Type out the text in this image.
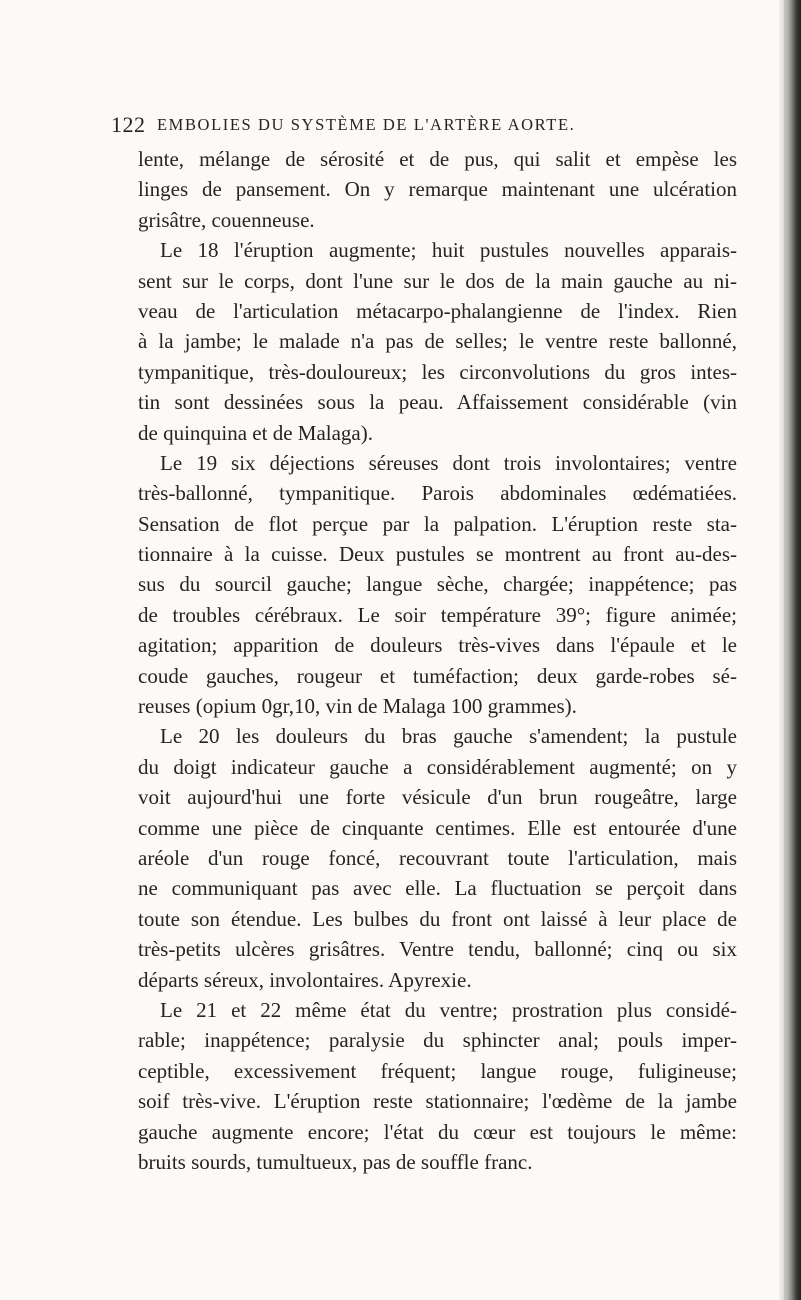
122 EMBOLIES DU SYSTÈME DE L'ARTÈRE AORTE.
lente, mélange de sérosité et de pus, qui salit et empèse les
linges de pansement. On y remarque maintenant une ulcération
grisâtre, couenneuse.
Le 18 l'éruption augmente; huit pustules nouvelles apparais-
sent sur le corps, dont l'une sur le dos de la main gauche au ni-
veau de l'articulation métacarpo-phalangienne de l'index. Rien
à la jambe; le malade n'a pas de selles; le ventre reste ballonné,
tympanitique, très-douloureux; les circonvolutions du gros intes-
tin sont dessinées sous la peau. Affaissement considérable (vin
de quinquina et de Malaga).
Le 19 six déjections séreuses dont trois involontaires; ventre
très-ballonné, tympanitique. Parois abdominales œdématiées.
Sensation de flot perçue par la palpation. L'éruption reste sta-
tionnaire à la cuisse. Deux pustules se montrent au front au-des-
sus du sourcil gauche; langue sèche, chargée; inappétence; pas
de troubles cérébraux. Le soir température 39°; figure animée;
agitation; apparition de douleurs très-vives dans l'épaule et le
coude gauches, rougeur et tuméfaction; deux garde-robes sé-
reuses (opium 0gr,10, vin de Malaga 100 grammes).
Le 20 les douleurs du bras gauche s'amendent; la pustule
du doigt indicateur gauche a considérablement augmenté; on y
voit aujourd'hui une forte vésicule d'un brun rougeâtre, large
comme une pièce de cinquante centimes. Elle est entourée d'une
aréole d'un rouge foncé, recouvrant toute l'articulation, mais
ne communiquant pas avec elle. La fluctuation se perçoit dans
toute son étendue. Les bulbes du front ont laissé à leur place de
très-petits ulcères grisâtres. Ventre tendu, ballonné; cinq ou six
départs séreux, involontaires. Apyrexie.
Le 21 et 22 même état du ventre; prostration plus considé-
rable; inappétence; paralysie du sphincter anal; pouls imper-
ceptible, excessivement fréquent; langue rouge, fuligineuse;
soif très-vive. L'éruption reste stationnaire; l'œdème de la jambe
gauche augmente encore; l'état du cœur est toujours le même:
bruits sourds, tumultueux, pas de souffle franc.
